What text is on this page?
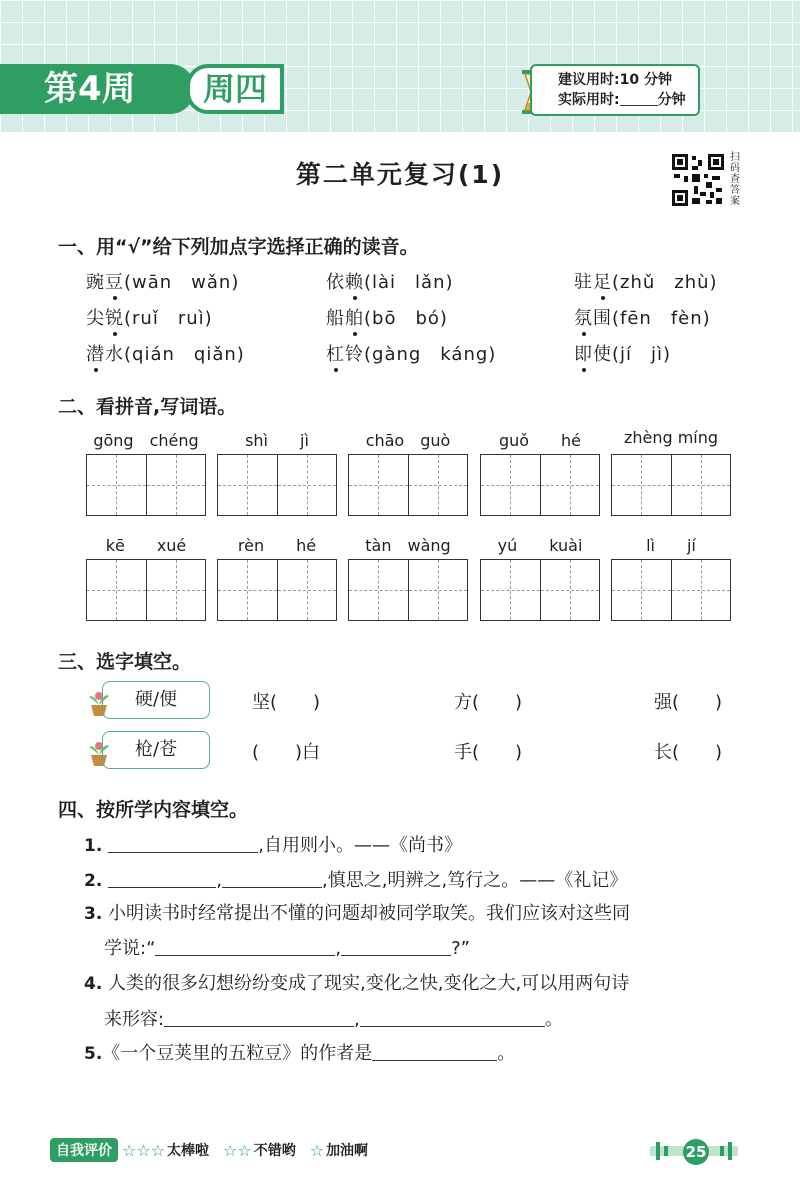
第4周	周四	建议用时:10 分钟
实际用时:	分钟
第二单元复习(1)
扫码查答案
一、用“√”给下列加点字选择正确的读音。
豌豆(wān　wǎn)	依赖(lài　lǎn)	驻足(zhǔ　zhù)
尖锐(ruǐ　ruì)	船舶(bō　bó)	氛围(fēn　fèn)
潜水(qián　qiǎn)	杠铃(gàng　káng)	即使(jí　jì)
二、看拼音,写词语。
gōng　chéng	shì　　jì	chāo　guò	guǒ　　hé	zhèng míng
kē　　xué	rèn　　hé	tàn　wàng	yú　　kuài	lì　　jí
三、选字填空。
硬/便	坚(　　)	方(　　)	强(　　)
枪/苍	(　　)白	手(　　)	长(　　)
四、按所学内容填空。
1.	,自用则小。——《尚书》
2.	,	,慎思之,明辨之,笃行之。——《礼记》
3. 小明读书时经常提出不懂的问题却被同学取笑。我们应该对这些同
学说:“	,	?”
4. 人类的很多幻想纷纷变成了现实,变化之快,变化之大,可以用两句诗
来形容:	,	。
5.《一个豆荚里的五粒豆》的作者是	。
自我评价 ☆ ☆ ☆ 太棒啦 ☆ ☆ 不错哟 ☆ 加油啊	25
